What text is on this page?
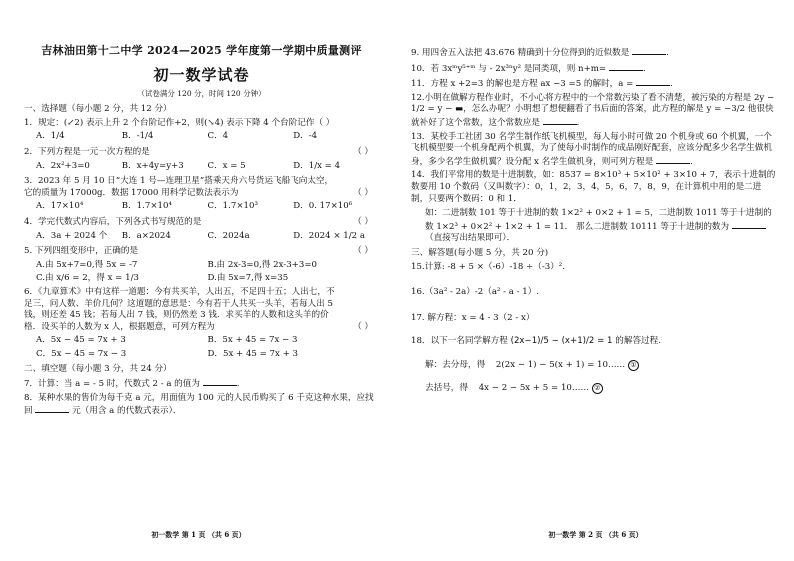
吉林油田第十二中学 2024—2025 学年度第一学期中质量测评
初一数学试卷
（试卷满分 120 分，时间 120 分钟）
一、选择题（每小题 2 分，共 12 分）
1．规定：(↙2) 表示上升 2 个台阶记作+2，则(↘4) 表示下降 4 个台阶记作（ ）
A．1/4	B．-1/4	C．4	D．-4
2．下列方程是一元一次方程的是	（ ）
A．2x²+3=0	B．x+4y=y+3	C．x = 5	D．1/x = 4
3．2023 年 5 月 10 日“大连 1 号—连理卫星”搭乘天舟六号货运飞船飞向太空，它的质量为 17000g．数据 17000 用科学记数法表示为	（ ）
A．17×10⁴	B．1.7×10⁴	C．1.7×10³	D．0. 17×10⁶
4．学完代数式内容后，下列各式书写规范的是	（ ）
A．3a + 2024 个	B．a×2024	C．2024a	D．2024 × 1/2 a
5. 下列四组变形中，正确的是	（ ）
A.由 5x+7=0,得 5x = -7	B.由 2x-3=0,得 2x-3+3=0
C.由 x/6 = 2，得 x = 1/3	D.由 5x=7,得 x=35
6．《九章算术》中有这样一道题：今有共买羊，人出五，不足四十五；人出七，不足三，问人数、羊价几何？这道题的意思是：今有若干人共买一头羊，若每人出 5 钱，则还差 45 钱；若每人出 7 钱，则仍然差 3 钱．求买羊的人数和这头羊的价格．设买羊的人数为 x 人，根据题意，可列方程为	（ ）
A．5x − 45 = 7x + 3	B．5x + 45 = 7x − 3
C．5x − 45 = 7x − 3	D．5x + 45 = 7x + 3
二、填空题（每小题 3 分，共 24 分）
7．计算：当 a = - 5 时，代数式 2 - a 的值为	.
8．某种水果的售价为每千克 a 元，用面值为 100 元的人民币购买了 6 千克这种水果，应找回	元（用含 a 的代数式表示）．
初一数学 第 1 页 （共 6 页）
9. 用四舍五入法把 43.676 精确到十分位得到的近似数是	.
10．若 3xᵐy⁵⁺ᵐ 与 - 2x³ⁿy² 是同类项，则 n+m=	.
11．方程 x +2=3 的解也是方程 ax −3 =5 的解时，a =	.
12.小明在做解方程作业时，不小心将方程中的一个常数污染了看不清楚，被污染的方程是 2y − 1/2 = y − ▬，怎么办呢？小明想了想便翻看了书后面的答案，此方程的解是 y = −3/2 他很快就补好了这个常数，这个常数应是	.
13．某校手工社团 30 名学生制作纸飞机模型，每人每小时可做 20 个机身或 60 个机翼，一个飞机模型要一个机身配两个机翼，为了使每小时制作的成品刚好配套，应该分配多少名学生做机身，多少名学生做机翼？设分配 x 名学生做机身，则可列方程是	.
14．我们平常用的数是十进制数，如：8537 = 8×10³ + 5×10² + 3×10 + 7，表示十进制的数要用 10 个数码（又叫数字）：0，1，2，3，4，5，6，7，8，9，在计算机中用的是二进制，只要两个数码：0 和 1．
如：二进制数 101 等于十进制的数 1×2² + 0×2 + 1 = 5，二进制数 1011 等于十进制的数 1×2³ + 0×2² + 1×2 + 1 = 11． 那么二进制数 10111 等于十进制的数为
（直接写出结果即可）．
三、解答题(每小题 5 分，共 20 分)
15.计算: -8 + 5 ×（-6）-18 ÷（-3）².
16.（3a² - 2a）-2（a² - a - 1）.
17. 解方程：x = 4 - 3（2 - x）
18．以下一名同学解方程 (2x−1)/5 − (x+1)/2 = 1 的解答过程.
解：去分母，得 2(2x − 1) − 5(x + 1) = 10…… ①
去括号，得 4x − 2 − 5x + 5 = 10…… ②
初一数学 第 2 页 （共 6 页）
